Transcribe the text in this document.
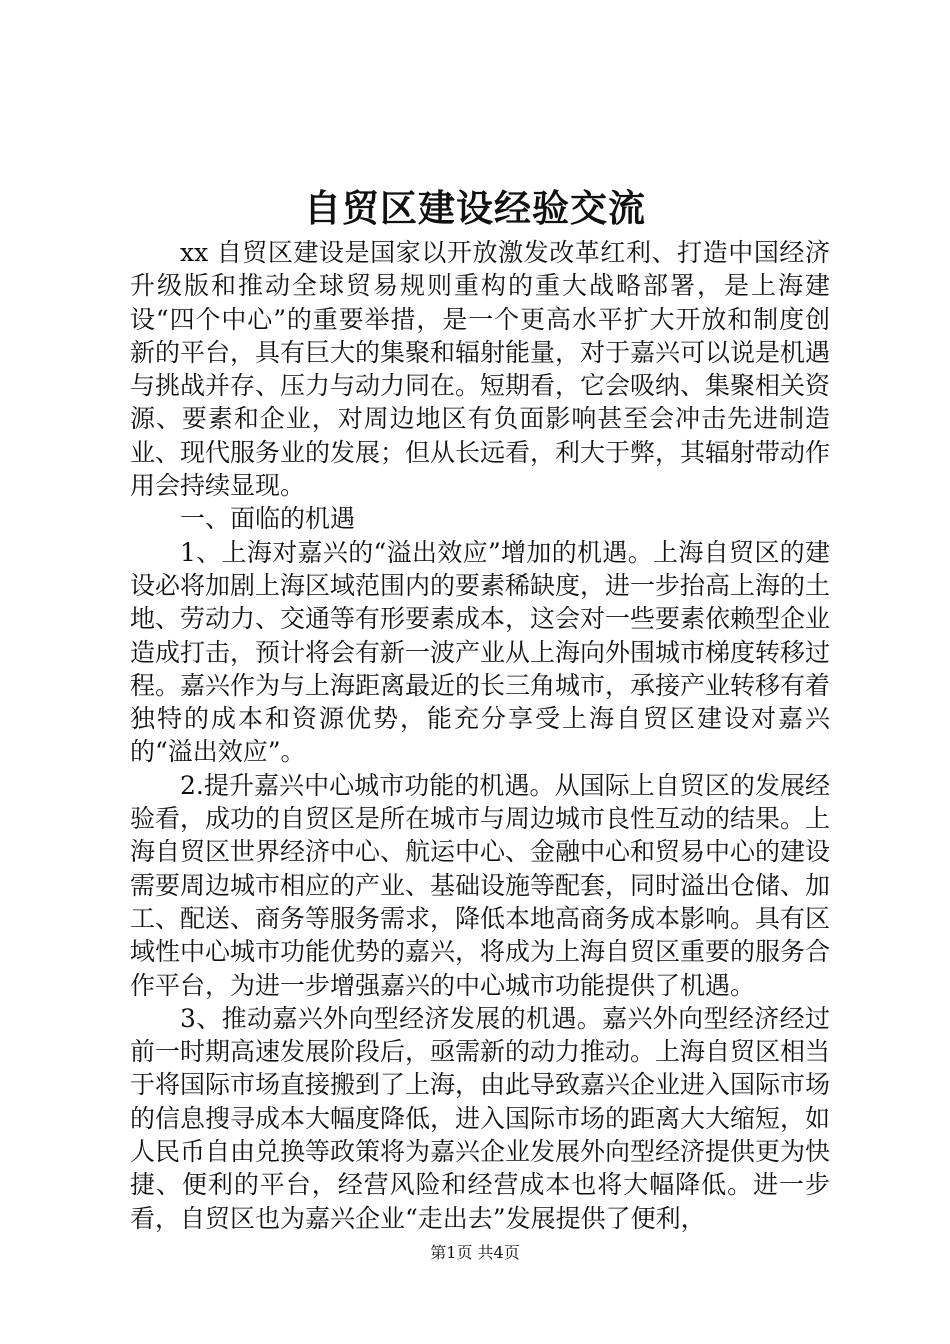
自贸区建设经验交流

xx 自贸区建设是国家以开放激发改革红利、打造中国经济升级版和推动全球贸易规则重构的重大战略部署，是上海建设“四个中心”的重要举措，是一个更高水平扩大开放和制度创新的平台，具有巨大的集聚和辐射能量，对于嘉兴可以说是机遇与挑战并存、压力与动力同在。短期看，它会吸纳、集聚相关资源、要素和企业，对周边地区有负面影响甚至会冲击先进制造业、现代服务业的发展；但从长远看，利大于弊，其辐射带动作用会持续显现。

一、面临的机遇

1、上海对嘉兴的“溢出效应”增加的机遇。上海自贸区的建设必将加剧上海区域范围内的要素稀缺度，进一步抬高上海的土地、劳动力、交通等有形要素成本，这会对一些要素依赖型企业造成打击，预计将会有新一波产业从上海向外围城市梯度转移过程。嘉兴作为与上海距离最近的长三角城市，承接产业转移有着独特的成本和资源优势，能充分享受上海自贸区建设对嘉兴的“溢出效应”。

2.提升嘉兴中心城市功能的机遇。从国际上自贸区的发展经验看，成功的自贸区是所在城市与周边城市良性互动的结果。上海自贸区世界经济中心、航运中心、金融中心和贸易中心的建设需要周边城市相应的产业、基础设施等配套，同时溢出仓储、加工、配送、商务等服务需求，降低本地高商务成本影响。具有区域性中心城市功能优势的嘉兴，将成为上海自贸区重要的服务合作平台，为进一步增强嘉兴的中心城市功能提供了机遇。

3、推动嘉兴外向型经济发展的机遇。嘉兴外向型经济经过前一时期高速发展阶段后，亟需新的动力推动。上海自贸区相当于将国际市场直接搬到了上海，由此导致嘉兴企业进入国际市场的信息搜寻成本大幅度降低，进入国际市场的距离大大缩短，如人民币自由兑换等政策将为嘉兴企业发展外向型经济提供更为快捷、便利的平台，经营风险和经营成本也将大幅降低。进一步看，自贸区也为嘉兴企业“走出去”发展提供了便利，

第1页 共4页
